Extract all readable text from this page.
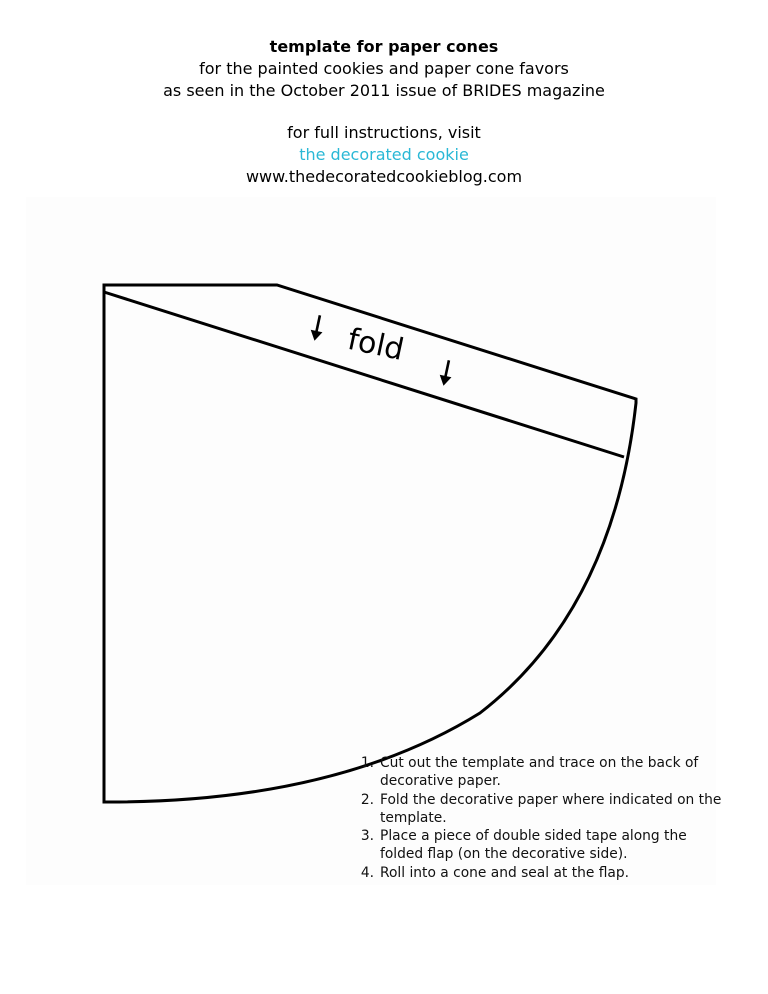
template for paper cones
for the painted cookies and paper cone favors
as seen in the October 2011 issue of BRIDES magazine
for full instructions, visit
the decorated cookie
www.thedecoratedcookieblog.com
fold
1. Cut out the template and trace on the back of decorative paper.
2. Fold the decorative paper where indicated on the template.
3. Place a piece of double sided tape along the folded flap (on the decorative side).
4. Roll into a cone and seal at the flap.
